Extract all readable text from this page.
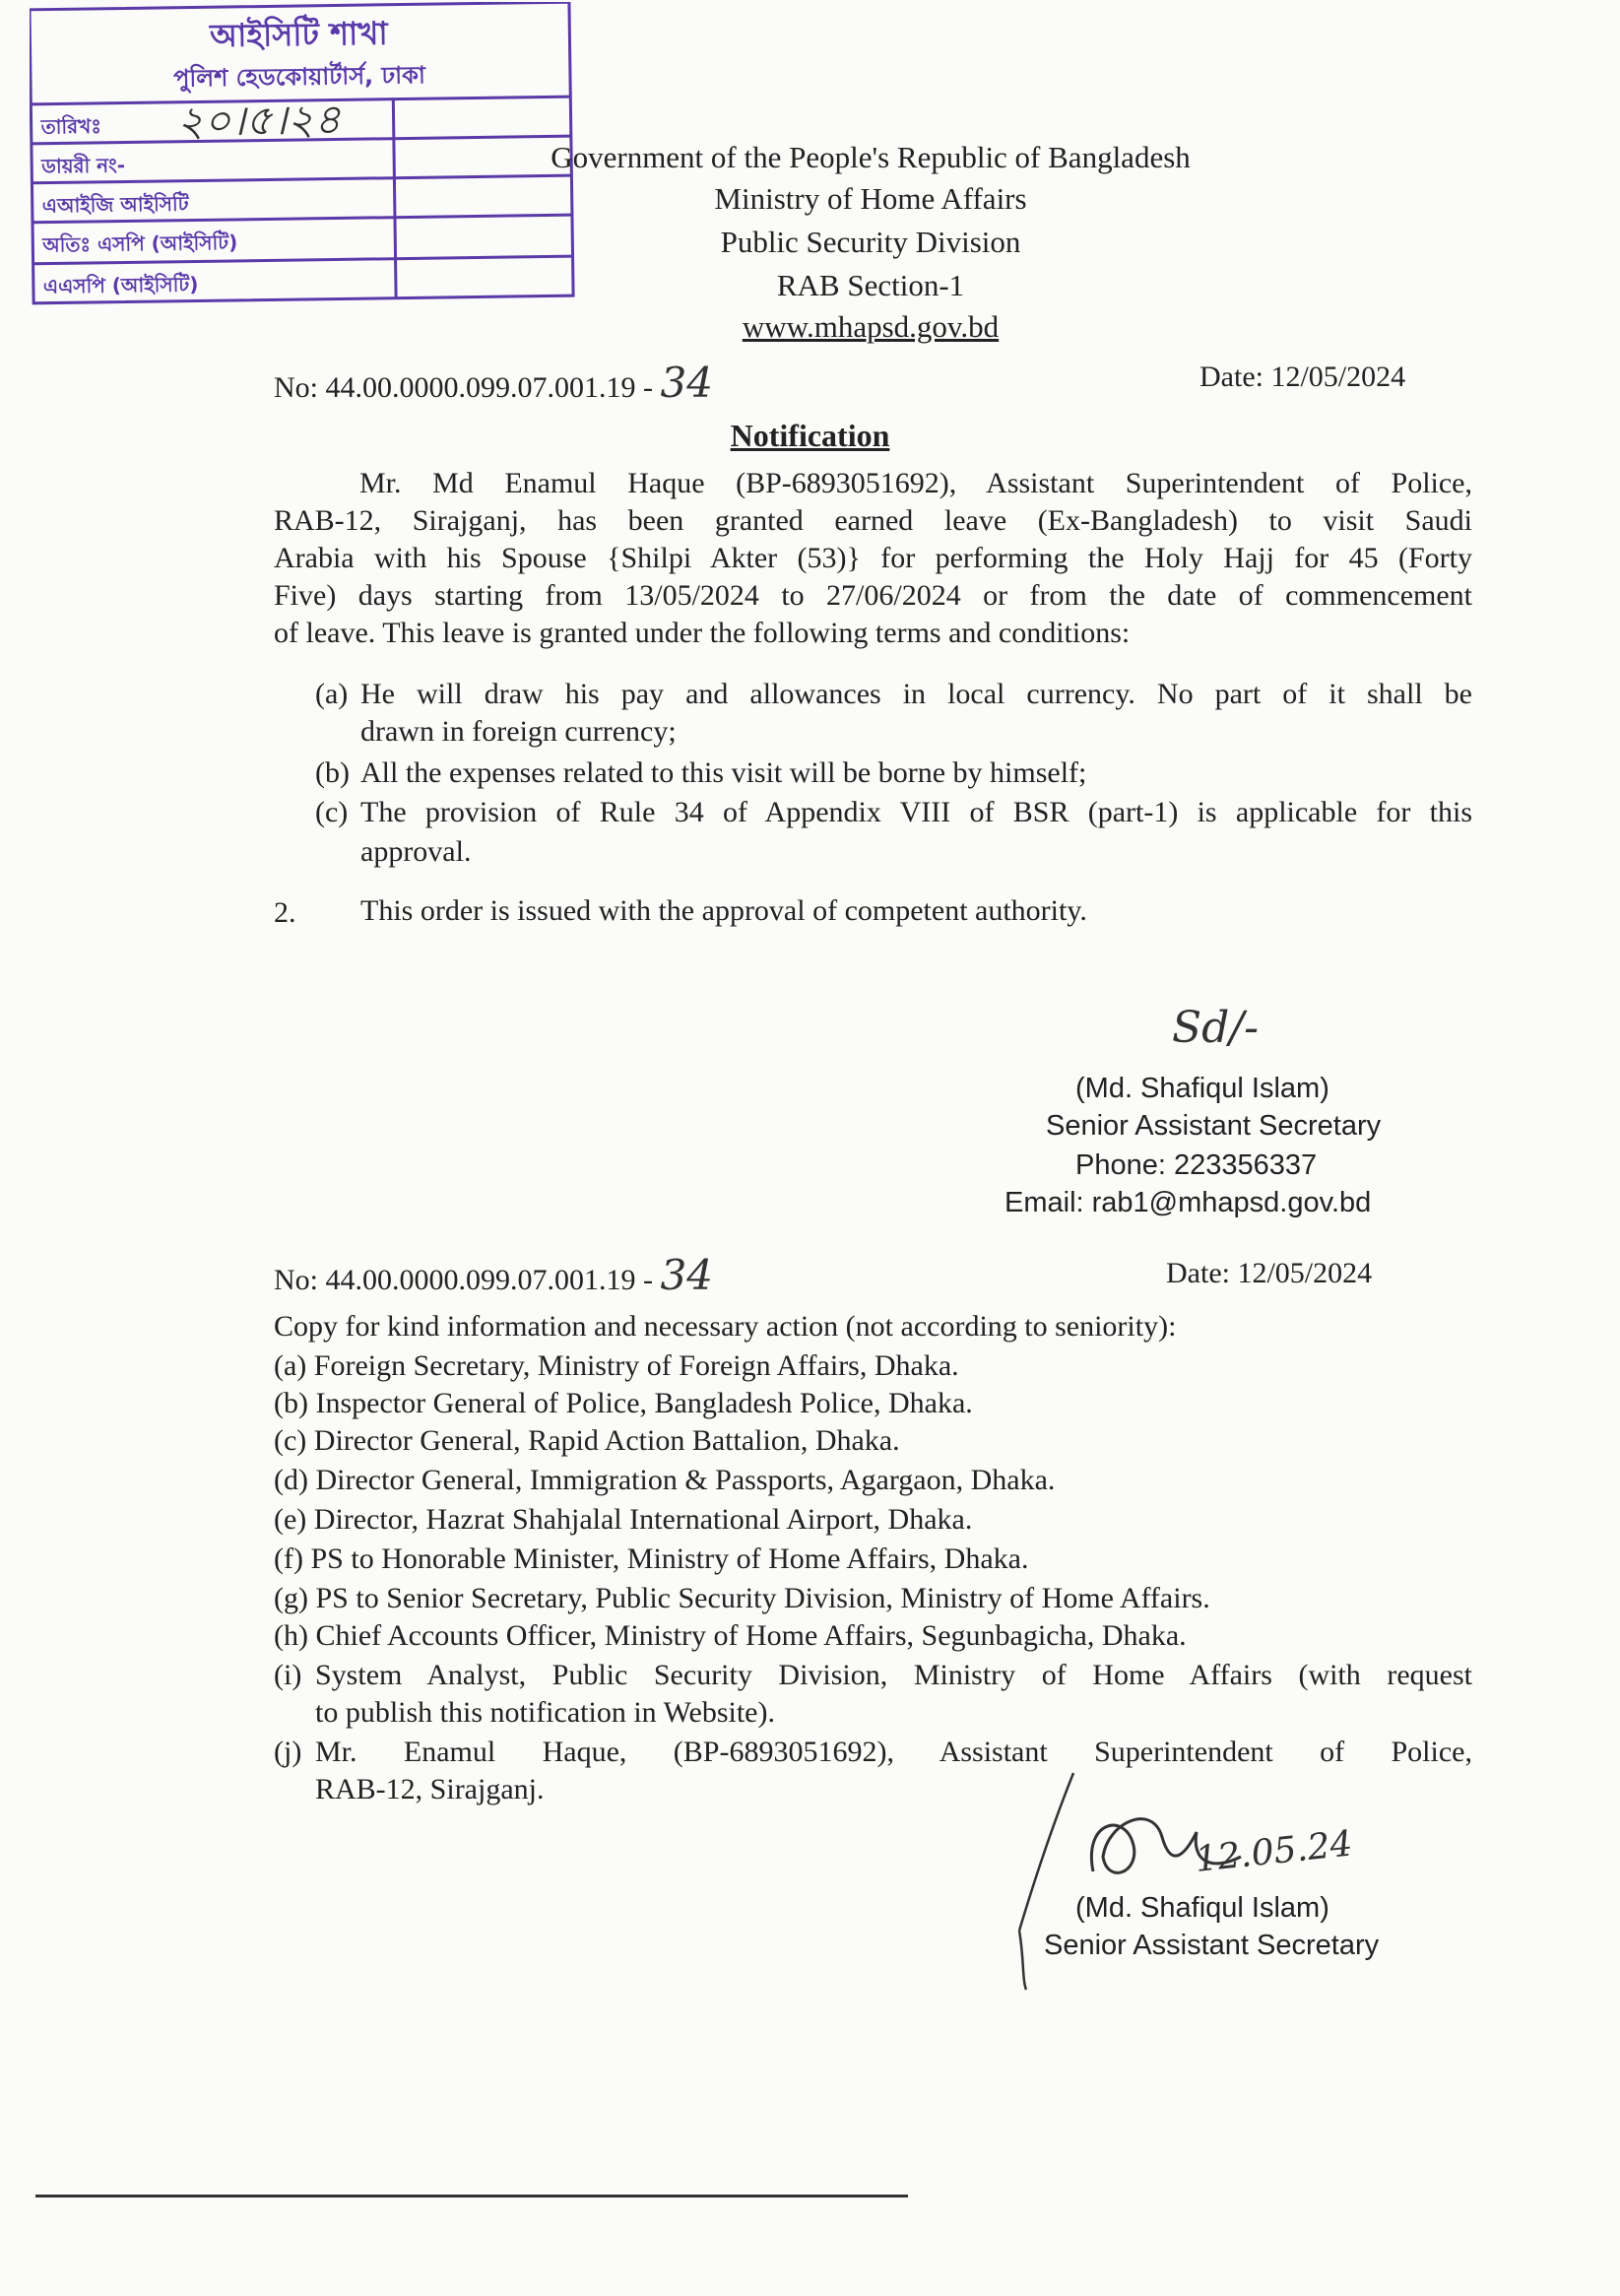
আইসিটি শাখা
পুলিশ হেডকোয়ার্টার্স, ঢাকা
তারিখঃ
ডায়রী নং-
এআইজি আইসিটি
অতিঃ এসপি (আইসিটি)
এএসপি (আইসিটি)
২০।৫।২৪
Government of the People's Republic of Bangladesh
Ministry of Home Affairs
Public Security Division
RAB Section-1
www.mhapsd.gov.bd
No: 44.00.0000.099.07.001.19 - 34	Date: 12/05/2024
Notification
Mr. Md Enamul Haque (BP-6893051692), Assistant Superintendent of Police,
RAB-12, Sirajganj, has been granted earned leave (Ex-Bangladesh) to visit Saudi
Arabia with his Spouse {Shilpi Akter (53)} for performing the Holy Hajj for 45 (Forty
Five) days starting from 13/05/2024 to 27/06/2024 or from the date of commencement
of leave. This leave is granted under the following terms and conditions:
(a) He will draw his pay and allowances in local currency. No part of it shall be
drawn in foreign currency;
(b) All the expenses related to this visit will be borne by himself;
(c) The provision of Rule 34 of Appendix VIII of BSR (part-1) is applicable for this
approval.
2. This order is issued with the approval of competent authority.
Sd/-
(Md. Shafiqul Islam)
Senior Assistant Secretary
Phone: 223356337
Email: rab1@mhapsd.gov.bd
No: 44.00.0000.099.07.001.19 - 34	Date: 12/05/2024
Copy for kind information and necessary action (not according to seniority):
(a) Foreign Secretary, Ministry of Foreign Affairs, Dhaka.
(b) Inspector General of Police, Bangladesh Police, Dhaka.
(c) Director General, Rapid Action Battalion, Dhaka.
(d) Director General, Immigration & Passports, Agargaon, Dhaka.
(e) Director, Hazrat Shahjalal International Airport, Dhaka.
(f) PS to Honorable Minister, Ministry of Home Affairs, Dhaka.
(g) PS to Senior Secretary, Public Security Division, Ministry of Home Affairs.
(h) Chief Accounts Officer, Ministry of Home Affairs, Segunbagicha, Dhaka.
(i) System Analyst, Public Security Division, Ministry of Home Affairs (with request
to publish this notification in Website).
(j) Mr. Enamul Haque, (BP-6893051692), Assistant Superintendent of Police,
RAB-12, Sirajganj.
12.05.24
(Md. Shafiqul Islam)
Senior Assistant Secretary
